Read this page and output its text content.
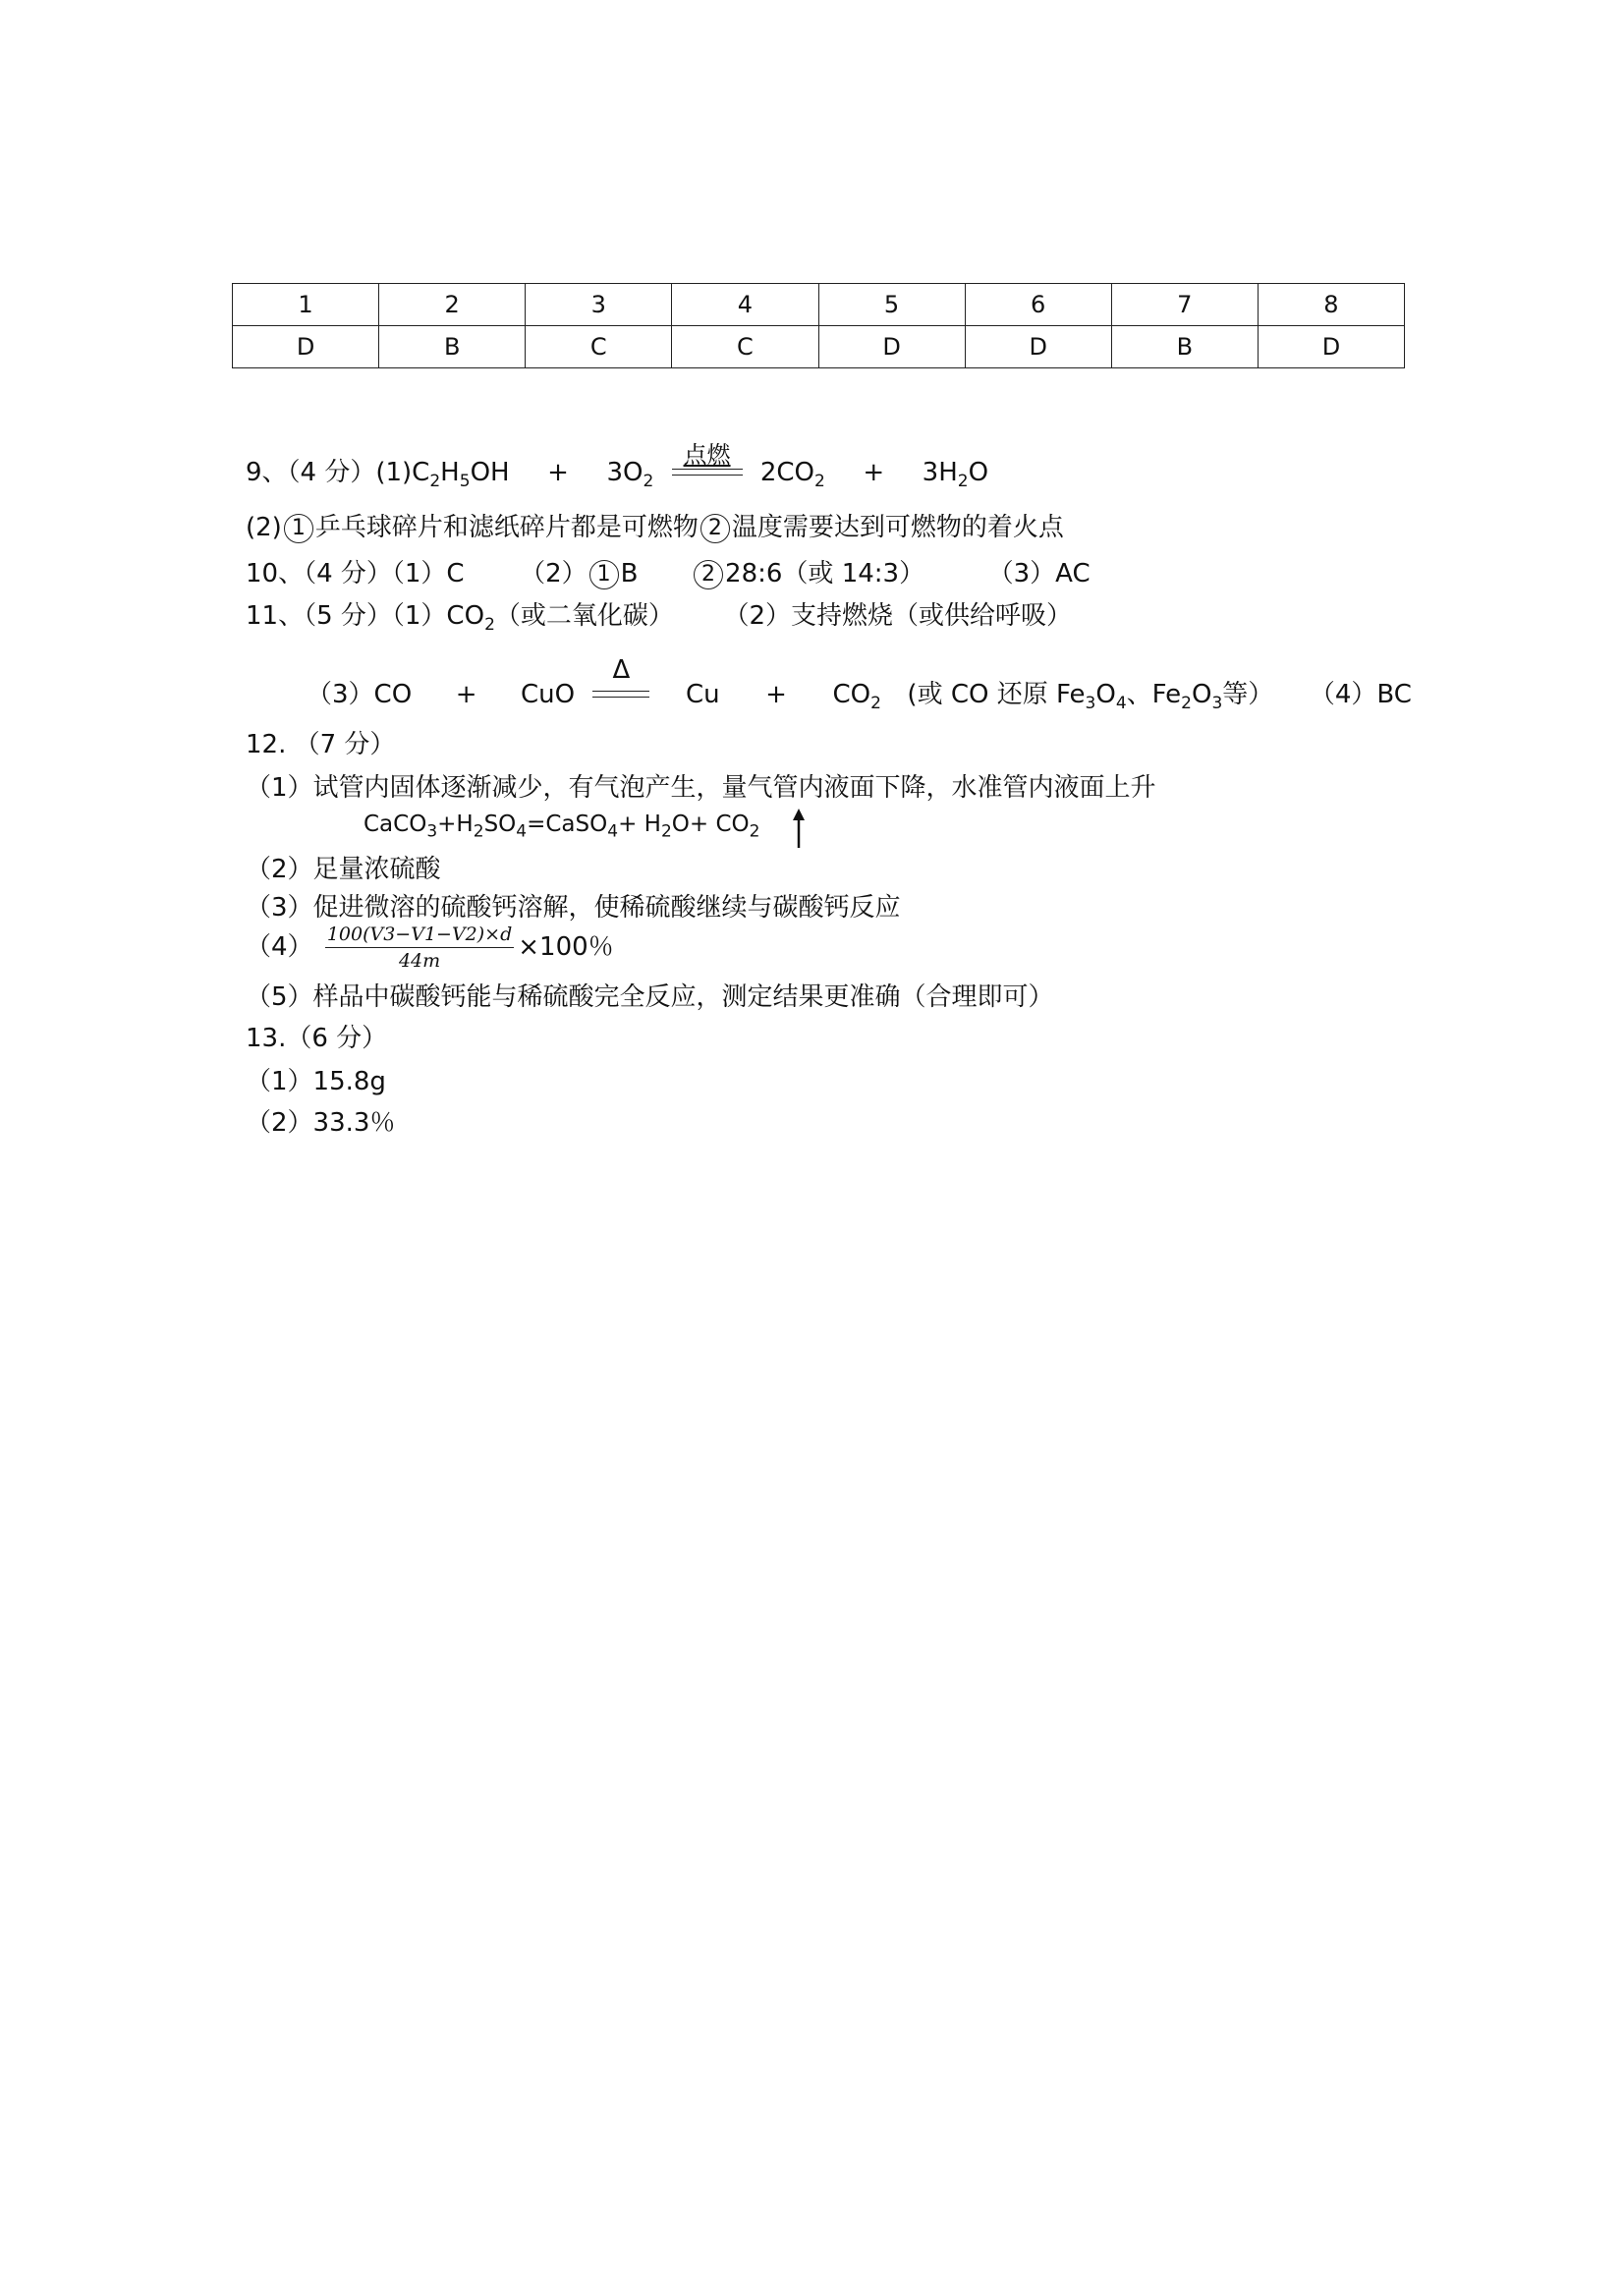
1	2	3	4	5	6	7	8
D	B	C	C	D	D	B	D
9、（4 分）$(1)C_2H_5OH + 3O_2$
点燃
$2CO_2 + 3H_2O$
(2) 1 乒乓球碎片和滤纸碎片都是可燃物 2 温度需要达到可燃物的着火点
10、（4 分）（1）C （2） 1 B	2 28:6（或 14:3） （3）AC
11、（5 分）$(1)CO_2$（或二氧化碳） （2）支持燃烧（或供给呼吸）
（3）CO + CuO
Δ
$Cu + CO_2$ (或 CO 还原 $Fe_3O_4$、$Fe_2O_3$等） （4）BC
12. （7 分）
（1）试管内固体逐渐减少，有气泡产生，量气管内液面下降，水准管内液面上升
$CaCO_3+H_2SO_4=CaSO_4+ H_2O+ CO_2$
（2）足量浓硫酸
（3）促进微溶的硫酸钙溶解，使稀硫酸继续与碳酸钙反应
$(4) \frac{100(V3-V1-V2)\times d}{44m} \times 100$％
（5）样品中碳酸钙能与稀硫酸完全反应，测定结果更准确（合理即可）
13.（6 分）
（1）15.8g
（2）33.3％
